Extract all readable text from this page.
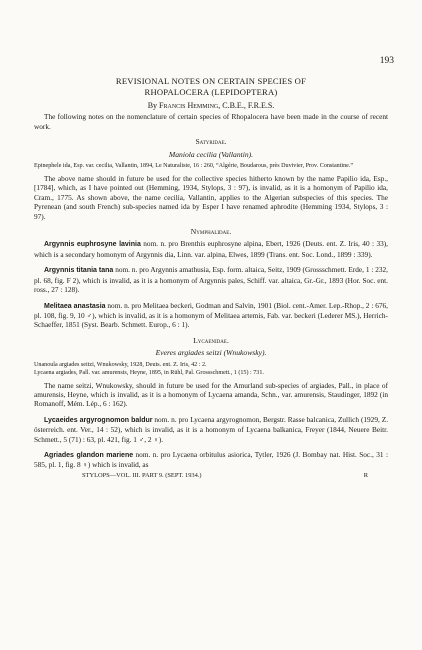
193

REVISIONAL NOTES ON CERTAIN SPECIES OF
RHOPALOCERA (LEPIDOPTERA)

By Francis Hemming, C.B.E., F.R.E.S.

The following notes on the nomenclature of certain species of Rhopalocera have been made in the course of recent work.

Satyridae.
Maniola cecilia (Vallantin).

Epinephele ida, Esp. var. cecilia, Vallantin, 1894, Le Naturaliste, 16 : 260, “Algérie, Boudarous, près Duvivier, Prov. Constantine.”

The above name should in future be used for the collective species hitherto known by the name Papilio ida, Esp., [1784], which, as I have pointed out (Hemming, 1934, Stylops, 3 : 97), is invalid, as it is a homonym of Papilio ida, Cram., 1775. As shown above, the name cecilia, Vallantin, applies to the Algerian subspecies of this species. The Pyrenean (and south French) sub-species named ida by Esper I have renamed aphrodite (Hemming 1934, Stylops, 3 : 97).

Nymphalidae.

Argynnis euphrosyne lavinia nom. n. pro Brenthis euphrosyne alpina, Ebert, 1926 (Deuts. ent. Z. Iris, 40 : 33), which is a secondary homonym of Argynnis dia, Linn. var. alpina, Elwes, 1899 (Trans. ent. Soc. Lond., 1899 : 339).

Argynnis titania tana nom. n. pro Argynnis amathusia, Esp. form. altaica, Seitz, 1909 (Grossschmett. Erde, 1 : 232, pl. 68, fig. F 2), which is invalid, as it is a homonym of Argynnis pales, Schiff. var. altaica, Gr.-Gr., 1893 (Hor. Soc. ent. ross., 27 : 128).

Melitaea anastasia nom. n. pro Melitaea beckeri, Godman and Salvin, 1901 (Biol. cent.-Amer. Lep.-Rhop., 2 : 676, pl. 108, fig. 9, 10 ♂), which is invalid, as it is a homonym of Melitaea artemis, Fab. var. beckeri (Lederer MS.), Herrich-Schaeffer, 1851 (Syst. Bearb. Schmett. Europ., 6 : 1).

Lycaenidae.
Everes argiades seitzi (Wnukowsky).

Unanoula argiades seitzi, Wnukowsky, 1928, Deuts. ent. Z. Iris, 42 : 2.

Lycaena argiades, Pall. var. amurensis, Heyne, 1895, in Rühl, Pal. Grossschmett., 1 (15) : 731.

The name seitzi, Wnukowsky, should in future be used for the Amurland sub-species of argiades, Pall., in place of amurensis, Heyne, which is invalid, as it is a homonym of Lycaena amanda, Schn., var. amurensis, Staudinger, 1892 (in Romanoff, Mém. Lép., 6 : 162).

Lycaeides argyrognomon baldur nom. n. pro Lycaena argyrognomon, Bergstr. Rasse balcanica, Zullich (1929, Z. österreich. ent. Ver., 14 : 52), which is invalid, as it is a homonym of Lycaena balkanica, Freyer (1844, Neuere Beitr. Schmett., 5 (71) : 63, pl. 421, fig. 1 ♂, 2 ♀).

Agriades glandon mariene nom. n. pro Lycaena orbitulus asiorica, Tytler, 1926 (J. Bombay nat. Hist. Soc., 31 : 585, pl. 1, fig. 8 ♀) which is invalid, as

STYLOPS—VOL. III. PART 9. (SEPT. 1934.)	R
